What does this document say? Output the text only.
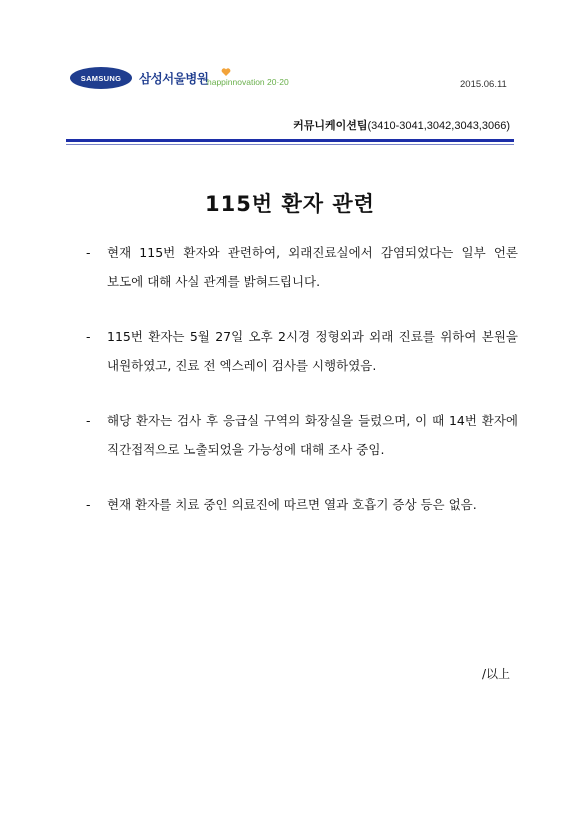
SAMSUNG 삼성서울병원
happinnovation 20·20	2015.06.11
커뮤니케이션팀(3410-3041,3042,3043,3066)
115번 환자 관련
- 현재 115번 환자와 관련하여, 외래진료실에서 감염되었다는 일부 언론 보도에 대해 사실 관계를 밝혀드립니다.
- 115번 환자는 5월 27일 오후 2시경 정형외과 외래 진료를 위하여 본원을 내원하였고, 진료 전 엑스레이 검사를 시행하였음.
- 해당 환자는 검사 후 응급실 구역의 화장실을 들렀으며, 이 때 14번 환자에 직간접적으로 노출되었을 가능성에 대해 조사 중임.
- 현재 환자를 치료 중인 의료진에 따르면 열과 호흡기 증상 등은 없음.
/以上
